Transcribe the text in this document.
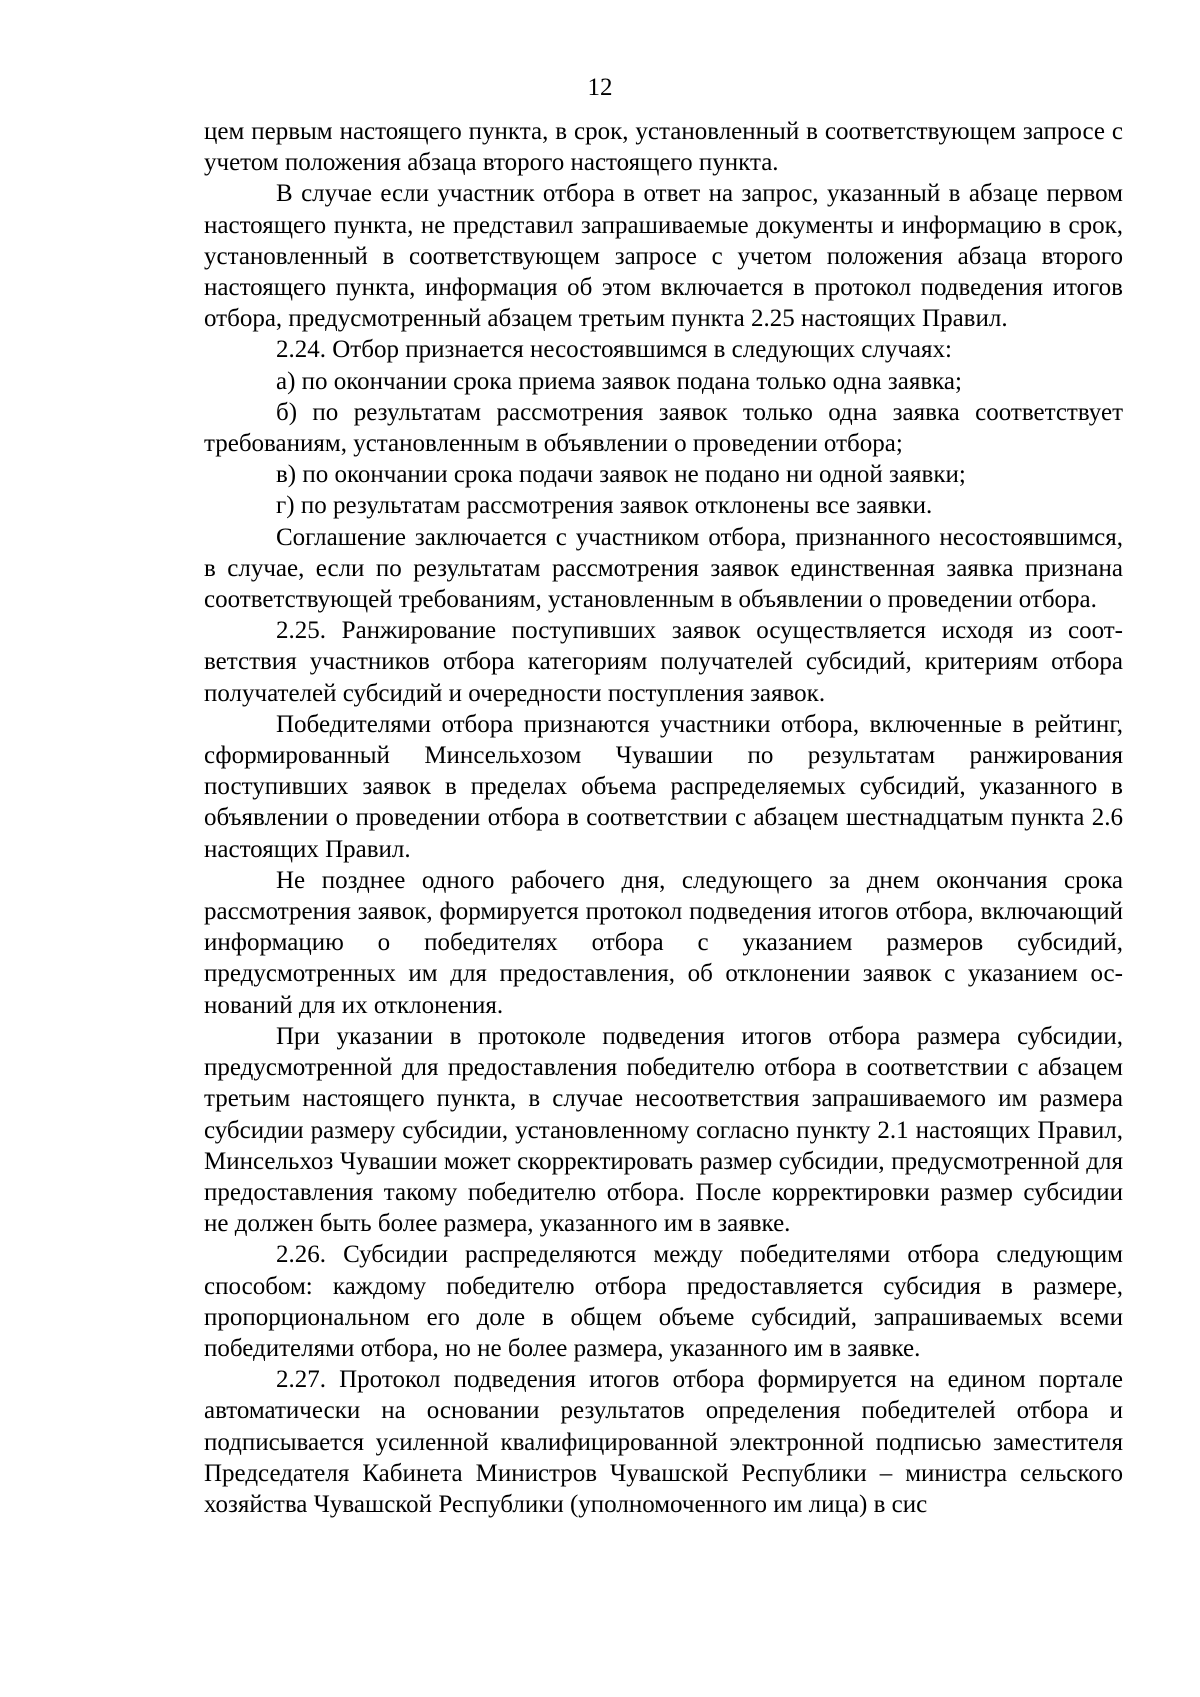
12

цем первым настоящего пункта, в срок, установленный в соответствующем запросе с учетом положения абзаца второго настоящего пункта.

В случае если участник отбора в ответ на запрос, указанный в абзаце первом настоящего пункта, не представил запрашиваемые документы и информацию в срок, установленный в соответствующем запросе с учетом положения абзаца второго настоящего пункта, информация об этом включается в протокол подведения итогов отбора, предусмотренный абзацем третьим пункта 2.25 настоящих Правил.

2.24. Отбор признается несостоявшимся в следующих случаях:

а) по окончании срока приема заявок подана только одна заявка;

б) по результатам рассмотрения заявок только одна заявка соответствует требованиям, установленным в объявлении о проведении отбора;

в) по окончании срока подачи заявок не подано ни одной заявки;

г) по результатам рассмотрения заявок отклонены все заявки.

Соглашение заключается с участником отбора, признанного несостоявшимся, в случае, если по результатам рассмотрения заявок единственная заявка признана соответствующей требованиям, установленным в объявлении о проведении отбора.

2.25. Ранжирование поступивших заявок осуществляется исходя из соответствия участников отбора категориям получателей субсидий, критериям отбора получателей субсидий и очередности поступления заявок.

Победителями отбора признаются участники отбора, включенные в рейтинг, сформированный Минсельхозом Чувашии по результатам ранжирования поступивших заявок в пределах объема распределяемых субсидий, указанного в объявлении о проведении отбора в соответствии с абзацем шестнадцатым пункта 2.6 настоящих Правил.

Не позднее одного рабочего дня, следующего за днем окончания срока рассмотрения заявок, формируется протокол подведения итогов отбора, включающий информацию о победителях отбора с указанием размеров субсидий, предусмотренных им для предоставления, об отклонении заявок с указанием оснований для их отклонения.

При указании в протоколе подведения итогов отбора размера субсидии, предусмотренной для предоставления победителю отбора в соответствии с абзацем третьим настоящего пункта, в случае несоответствия запрашиваемого им размера субсидии размеру субсидии, установленному согласно пункту 2.1 настоящих Правил, Минсельхоз Чувашии может скорректировать размер субсидии, предусмотренной для предоставления такому победителю отбора. После корректировки размер субсидии не должен быть более размера, указанного им в заявке.

2.26. Субсидии распределяются между победителями отбора следующим способом: каждому победителю отбора предоставляется субсидия в размере, пропорциональном его доле в общем объеме субсидий, запрашиваемых всеми победителями отбора, но не более размера, указанного им в заявке.

2.27. Протокол подведения итогов отбора формируется на едином портале автоматически на основании результатов определения победителей отбора и подписывается усиленной квалифицированной электронной подписью заместителя Председателя Кабинета Министров Чувашской Республики – министра сельского хозяйства Чувашской Республики (уполномоченного им лица) в сис
